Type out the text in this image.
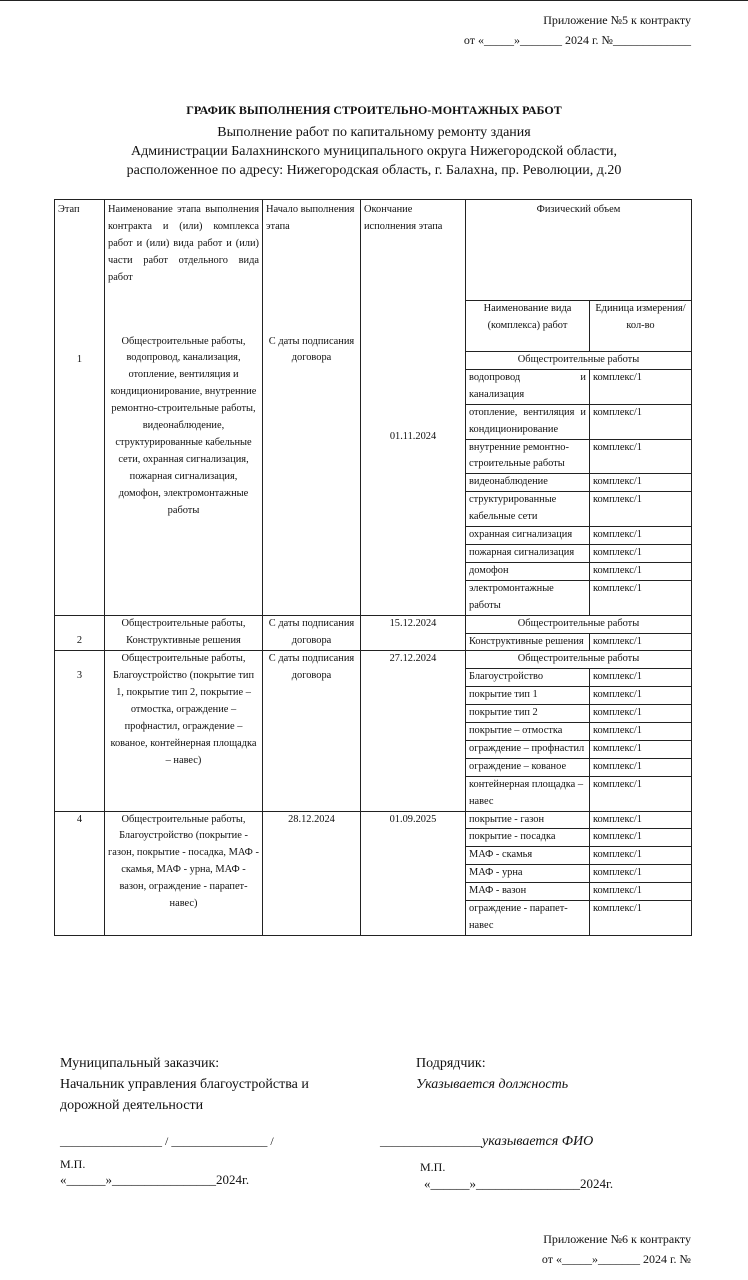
Приложение №5 к контракту
от «_____»_______ 2024 г. №_____________
ГРАФИК ВЫПОЛНЕНИЯ СТРОИТЕЛЬНО-МОНТАЖНЫХ РАБОТ
Выполнение работ по капитальному ремонту здания
Администрации Балахнинского муниципального округа Нижегородской области,
расположенное по адресу: Нижегородская область, г. Балахна, пр. Революции, д.20
Этап	Наименование этапа выполнения контракта и (или) комплекса работ и (или) вида работ и (или) части работ отдельного вида работ	Начало выполнения этапа	Окончание исполнения этапа	Физический объем	
				Наименование вида (комплекса) работ	Единица измерения/кол-во
1	Общестроительные работы, водопровод, канализация, отопление, вентиляция и кондиционирование, внутренние ремонтно-строительные работы, видеонаблюдение, структурированные кабельные сети, охранная сигнализация, пожарная сигнализация, домофон, электромонтажные работы	С даты подписания договора	01.11.2024	Общестроительные работы	
				водопровод и канализация	комплекс/1
				отопление, вентиляция и кондиционирование	комплекс/1
				внутренние ремонтно-строительные работы	комплекс/1
				видеонаблюдение	комплекс/1
				структурированные кабельные сети	комплекс/1
				охранная сигнализация	комплекс/1
				пожарная сигнализация	комплекс/1
				домофон	комплекс/1
				электромонтажные работы	комплекс/1

2	Общестроительные работы, Конструктивные решения	С даты подписания договора	15.12.2024	Общестроительные работы	
				Конструктивные решения	комплекс/1

3	Общестроительные работы, Благоустройство (покрытие тип 1, покрытие тип 2, покрытие – отмостка, ограждение – профнастил, ограждение – кованое, контейнерная площадка – навес)	С даты подписания договора	27.12.2024	Общестроительные работы	
				Благоустройство	комплекс/1
				покрытие тип 1	комплекс/1
				покрытие тип 2	комплекс/1
				покрытие – отмостка	комплекс/1
				ограждение – профнастил	комплекс/1
				ограждение – кованое	комплекс/1
				контейнерная площадка – навес	комплекс/1
4	Общестроительные работы, Благоустройство (покрытие - газон, покрытие - посадка, МАФ - скамья, МАФ - урна, МАФ - вазон, ограждение - парапет-навес)	28.12.2024	01.09.2025	покрытие - газон	комплекс/1
				покрытие - посадка	комплекс/1
				МАФ - скамья	комплекс/1
				МАФ - урна	комплекс/1
				МАФ - вазон	комплекс/1
				ограждение - парапет-навес	комплекс/1
Муниципальный заказчик:
Начальник управления благоустройства и дорожной деятельности
Подрядчик:
Указывается должность
_________________ / ________________ /	_________________указывается ФИО
М.П.	М.П.
«______»________________2024г.	«______»________________2024г.
Приложение №6 к контракту
от «_____»_______ 2024 г. №
